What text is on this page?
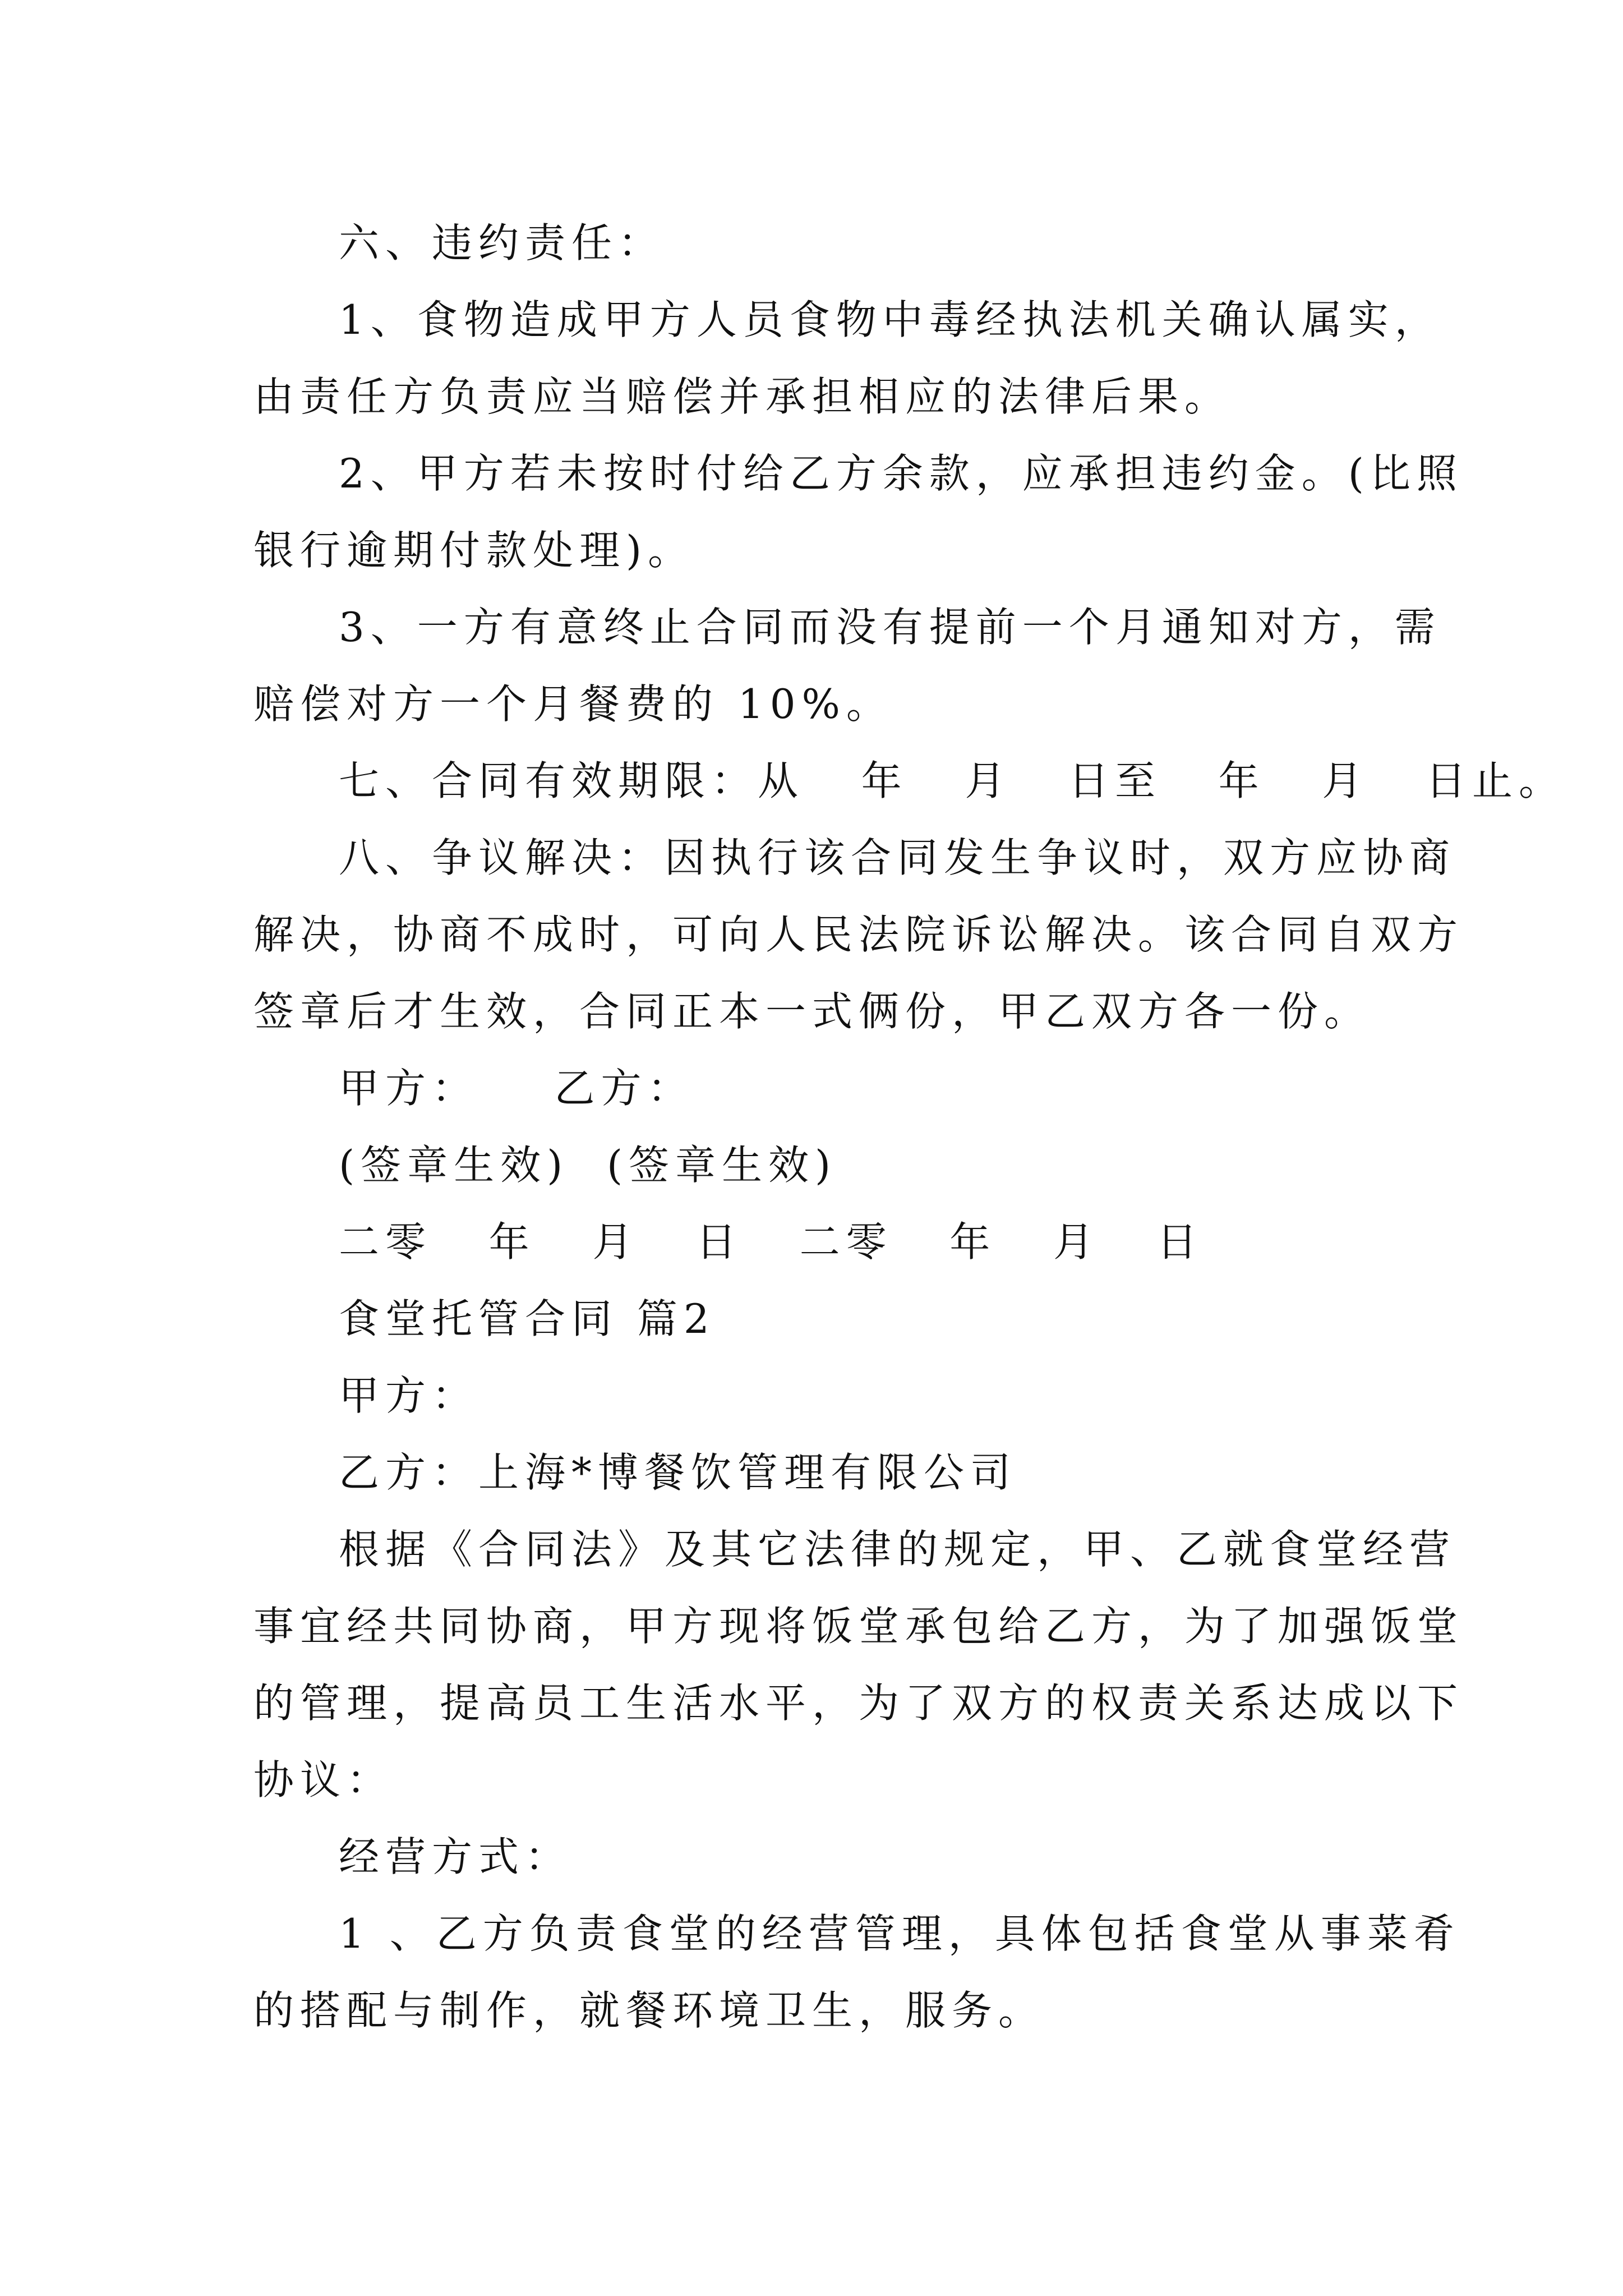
六、违约责任：
1、食物造成甲方人员食物中毒经执法机关确认属实，
由责任方负责应当赔偿并承担相应的法律后果。
2、甲方若未按时付给乙方余款，应承担违约金。(比照
银行逾期付款处理)。
3、一方有意终止合同而没有提前一个月通知对方，需
赔偿对方一个月餐费的 10%。
七、合同有效期限：从   年   月   日至   年   月   日止。
八、争议解决：因执行该合同发生争议时，双方应协商
解决，协商不成时，可向人民法院诉讼解决。该合同自双方
签章后才生效，合同正本一式俩份，甲乙双方各一份。
甲方：    乙方：
(签章生效)  (签章生效)
二零   年   月   日   二零   年   月   日
食堂托管合同 篇2
甲方：
乙方：上海*博餐饮管理有限公司
根据《合同法》及其它法律的规定，甲、乙就食堂经营
事宜经共同协商，甲方现将饭堂承包给乙方，为了加强饭堂
的管理，提高员工生活水平，为了双方的权责关系达成以下
协议：
经营方式：
1 、乙方负责食堂的经营管理，具体包括食堂从事菜肴
的搭配与制作，就餐环境卫生，服务。
